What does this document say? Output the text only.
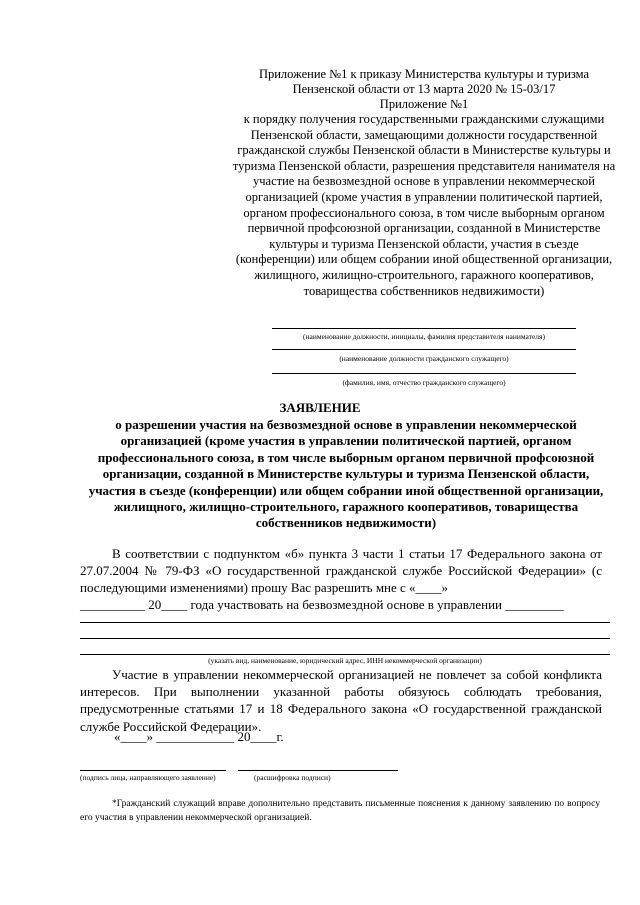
Приложение №1 к приказу Министерства культуры и туризма
Пензенской области от 13 марта 2020 № 15-03/17
Приложение №1
к порядку получения государственными гражданскими служащими Пензенской области, замещающими должности государственной гражданской службы Пензенской области в Министерстве культуры и туризма Пензенской области, разрешения представителя нанимателя на участие на безвозмездной основе в управлении некоммерческой организацией (кроме участия в управлении политической партией, органом профессионального союза, в том числе выборным органом первичной профсоюзной организации, созданной в Министерстве культуры и туризма Пензенской области, участия в съезде (конференции) или общем собрании иной общественной организации, жилищного, жилищно-строительного, гаражного кооперативов, товарищества собственников недвижимости)
(наименование должности, инициалы, фамилия представителя нанимателя)
(наименование должности гражданского служащего)
(фамилия, имя, отчество гражданского служащего)
ЗАЯВЛЕНИЕ
о разрешении участия на безвозмездной основе в управлении некоммерческой организацией (кроме участия в управлении политической партией, органом профессионального союза, в том числе выборным органом первичной профсоюзной организации, созданной в Министерстве культуры и туризма Пензенской области, участия в съезде (конференции) или общем собрании иной общественной организации, жилищного, жилищно-строительного, гаражного кооперативов, товарищества собственников недвижимости)
В соответствии с подпунктом «б» пункта 3 части 1 статьи 17 Федерального закона от 27.07.2004 № 79-ФЗ «О государственной гражданской службе Российской Федерации» (с последующими изменениями) прошу Вас разрешить мне с «____»
__________ 20____ года участвовать на безвозмездной основе в управлении _________
(указать вид, наименование, юридический адрес, ИНН некоммерческой организации)
Участие в управлении некоммерческой организацией не повлечет за собой конфликта интересов. При выполнении указанной работы обязуюсь соблюдать требования, предусмотренные статьями 17 и 18 Федерального закона «О государственной гражданской службе Российской Федерации».
«____» ____________ 20____г.
(подпись лица, направляющего заявление)	(расшифровка подписи)
*Гражданский служащий вправе дополнительно представить письменные пояснения к данному заявлению по вопросу его участия в управлении некоммерческой организацией.
